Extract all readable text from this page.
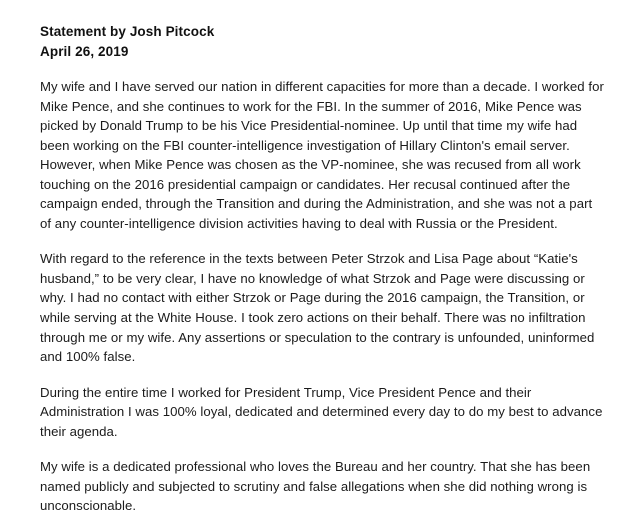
Statement by Josh Pitcock
April 26, 2019

My wife and I have served our nation in different capacities for more than a decade. I worked for Mike Pence, and she continues to work for the FBI. In the summer of 2016, Mike Pence was picked by Donald Trump to be his Vice Presidential-nominee. Up until that time my wife had been working on the FBI counter-intelligence investigation of Hillary Clinton's email server. However, when Mike Pence was chosen as the VP-nominee, she was recused from all work touching on the 2016 presidential campaign or candidates. Her recusal continued after the campaign ended, through the Transition and during the Administration, and she was not a part of any counter-intelligence division activities having to deal with Russia or the President.

With regard to the reference in the texts between Peter Strzok and Lisa Page about “Katie's husband,” to be very clear, I have no knowledge of what Strzok and Page were discussing or why. I had no contact with either Strzok or Page during the 2016 campaign, the Transition, or while serving at the White House. I took zero actions on their behalf. There was no infiltration through me or my wife. Any assertions or speculation to the contrary is unfounded, uninformed and 100% false.

During the entire time I worked for President Trump, Vice President Pence and their Administration I was 100% loyal, dedicated and determined every day to do my best to advance their agenda.

My wife is a dedicated professional who loves the Bureau and her country. That she has been named publicly and subjected to scrutiny and false allegations when she did nothing wrong is unconscionable.
